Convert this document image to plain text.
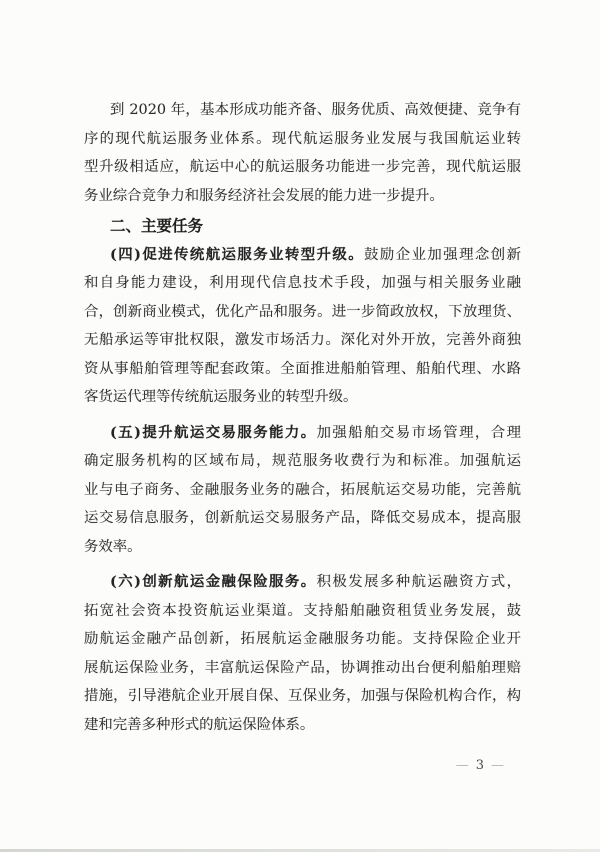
到 2020 年，基本形成功能齐备、服务优质、高效便捷、竞争有
序的现代航运服务业体系。现代航运服务业发展与我国航运业转
型升级相适应，航运中心的航运服务功能进一步完善，现代航运服
务业综合竞争力和服务经济社会发展的能力进一步提升。
二、主要任务
(四)促进传统航运服务业转型升级。鼓励企业加强理念创新
和自身能力建设，利用现代信息技术手段，加强与相关服务业融
合，创新商业模式，优化产品和服务。进一步简政放权，下放理货、
无船承运等审批权限，激发市场活力。深化对外开放，完善外商独
资从事船舶管理等配套政策。全面推进船舶管理、船舶代理、水路
客货运代理等传统航运服务业的转型升级。
(五)提升航运交易服务能力。加强船舶交易市场管理，合理
确定服务机构的区域布局，规范服务收费行为和标准。加强航运
业与电子商务、金融服务业务的融合，拓展航运交易功能，完善航
运交易信息服务，创新航运交易服务产品，降低交易成本，提高服
务效率。
(六)创新航运金融保险服务。积极发展多种航运融资方式，
拓宽社会资本投资航运业渠道。支持船舶融资租赁业务发展，鼓
励航运金融产品创新，拓展航运金融服务功能。支持保险企业开
展航运保险业务，丰富航运保险产品，协调推动出台便利船舶理赔
措施，引导港航企业开展自保、互保业务，加强与保险机构合作，构
建和完善多种形式的航运保险体系。
— 3 —
